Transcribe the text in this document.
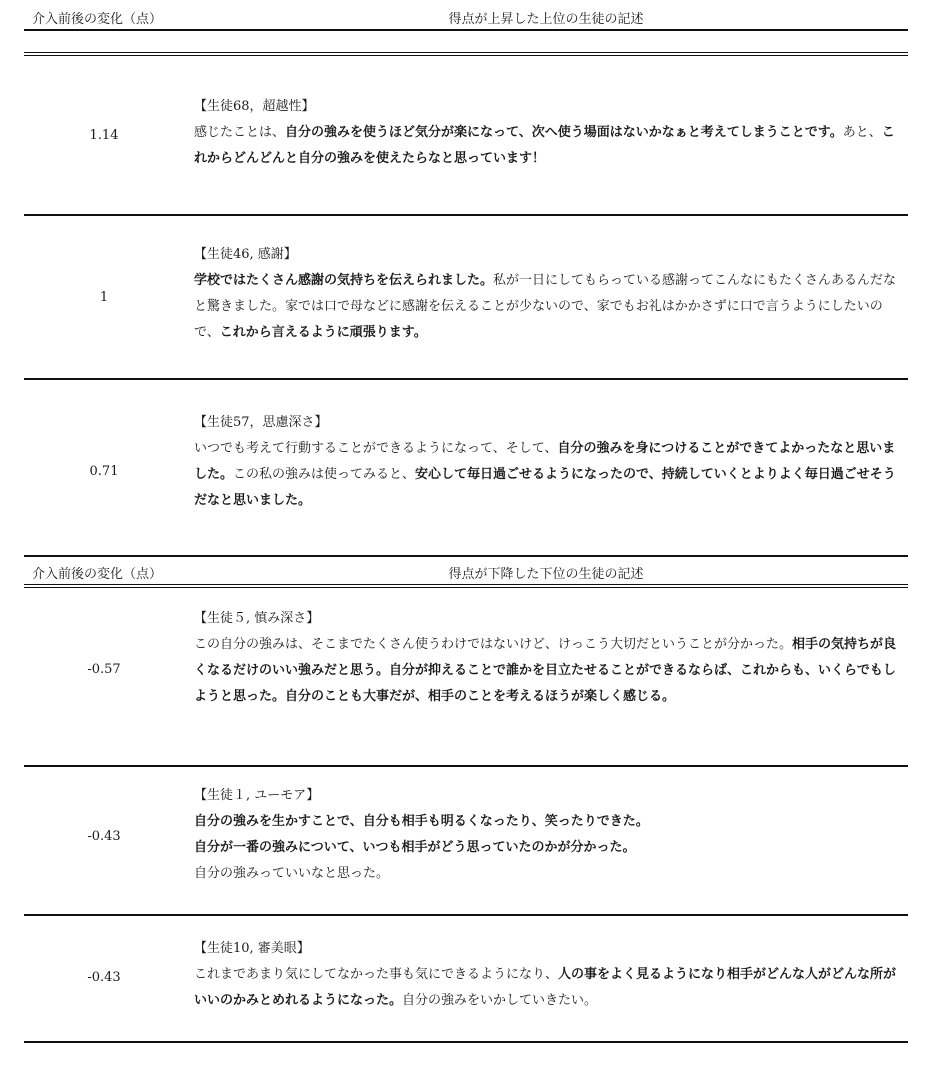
介入前後の変化（点）	得点が上昇した上位の生徒の記述
1.14
【生徒68，超越性】
感じたことは、自分の強みを使うほど気分が楽になって、次へ使う場面はないかなぁと考えてしまうことです。あと、これからどんどんと自分の強みを使えたらなと思っています！
1
【生徒46, 感謝】
学校ではたくさん感謝の気持ちを伝えられました。私が一日にしてもらっている感謝ってこんなにもたくさんあるんだなと驚きました。家では口で母などに感謝を伝えることが少ないので、家でもお礼はかかさずに口で言うようにしたいので、これから言えるように頑張ります。
0.71
【生徒57，思慮深さ】
いつでも考えて行動することができるようになって、そして、自分の強みを身につけることができてよかったなと思いました。この私の強みは使ってみると、安心して毎日過ごせるようになったので、持続していくとよりよく毎日過ごせそうだなと思いました。
介入前後の変化（点）	得点が下降した下位の生徒の記述
-0.57
【生徒５, 慎み深さ】
この自分の強みは、そこまでたくさん使うわけではないけど、けっこう大切だということが分かった。相手の気持ちが良くなるだけのいい強みだと思う。自分が抑えることで誰かを目立たせることができるならば、これからも、いくらでもしようと思った。自分のことも大事だが、相手のことを考えるほうが楽しく感じる。
-0.43
【生徒１, ユーモア】
自分の強みを生かすことで、自分も相手も明るくなったり、笑ったりできた。
自分が一番の強みについて、いつも相手がどう思っていたのかが分かった。
自分の強みっていいなと思った。
-0.43
【生徒10, 審美眼】
これまであまり気にしてなかった事も気にできるようになり、人の事をよく見るようになり相手がどんな人がどんな所がいいのかみとめれるようになった。自分の強みをいかしていきたい。
